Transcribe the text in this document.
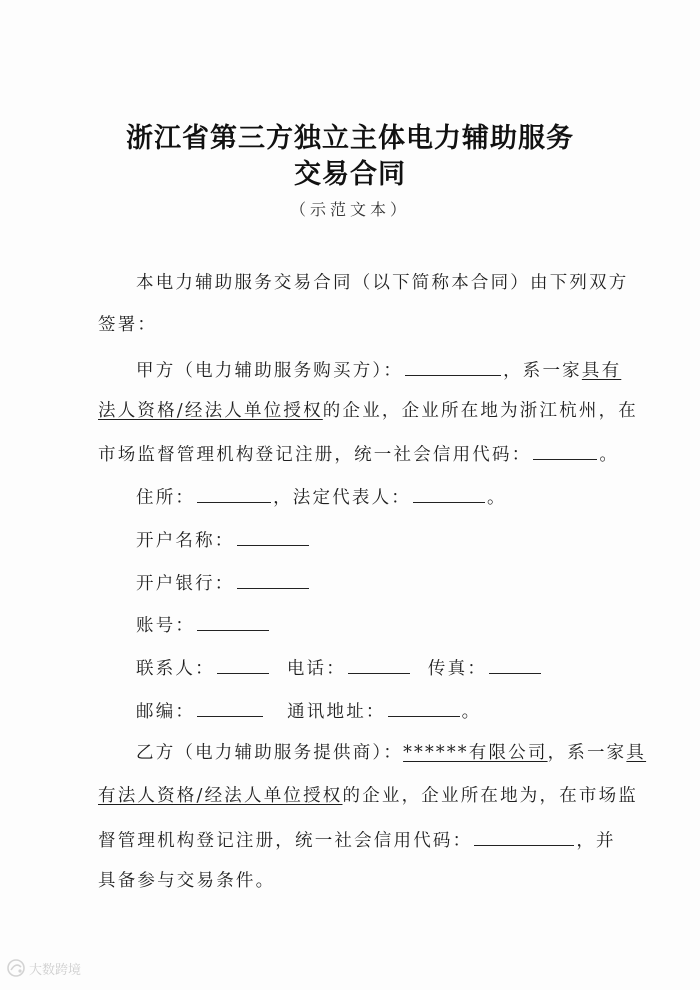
浙江省第三方独立主体电力辅助服务
交易合同
（示范文本）
本电力辅助服务交易合同（以下简称本合同）由下列双方
签署：
甲方（电力辅助服务购买方）：	，系一家具有
法人资格/经法人单位授权的企业，企业所在地为浙江杭州，在
市场监督管理机构登记注册，统一社会信用代码：	。
住所：	，法定代表人：	。
开户名称：
开户银行：
账号：
联系人：	电话：	传真：
邮编：	通讯地址：	。
乙方（电力辅助服务提供商）：******有限公司，系一家具
有法人资格/经法人单位授权的企业，企业所在地为，在市场监
督管理机构登记注册，统一社会信用代码：	，并
具备参与交易条件。
大数跨境
